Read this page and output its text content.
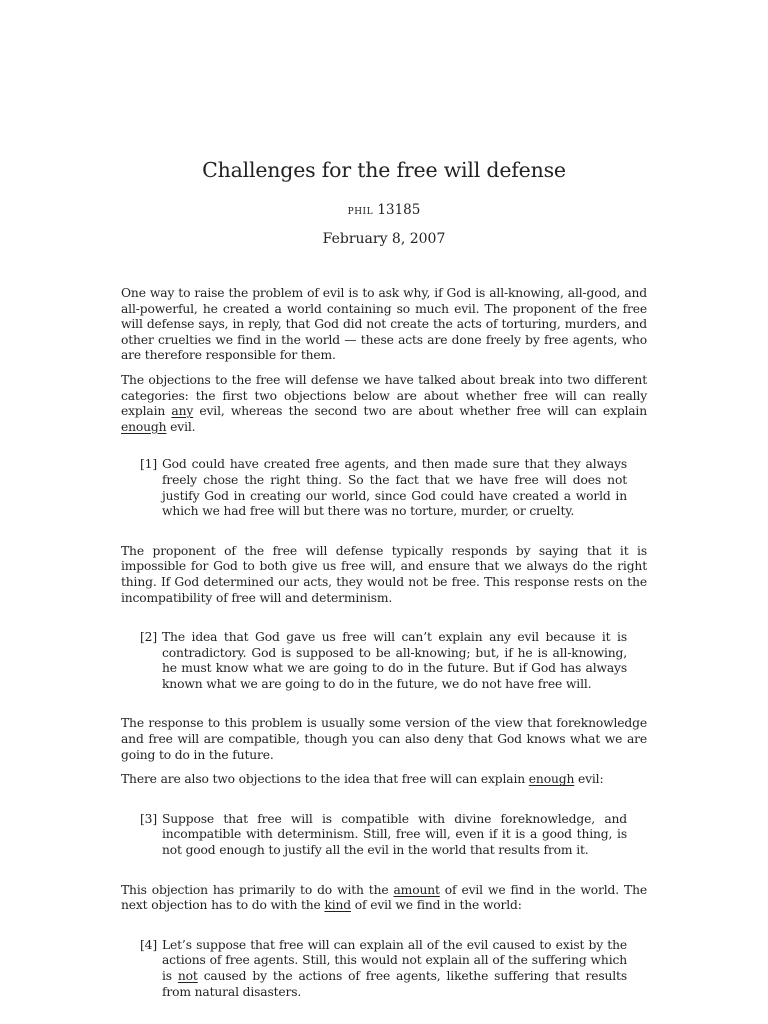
Challenges for the free will defense
phil 13185
February 8, 2007

One way to raise the problem of evil is to ask why, if God is all-knowing, all-good, and all-powerful, he created a world containing so much evil. The proponent of the free will defense says, in reply, that God did not create the acts of torturing, murders, and other cruelties we find in the world — these acts are done freely by free agents, who are therefore responsible for them.

The objections to the free will defense we have talked about break into two different categories: the first two objections below are about whether free will can really explain any evil, whereas the second two are about whether free will can explain enough evil.

[1] God could have created free agents, and then made sure that they always freely chose the right thing. So the fact that we have free will does not justify God in creating our world, since God could have created a world in which we had free will but there was no torture, murder, or cruelty.

The proponent of the free will defense typically responds by saying that it is impossible for God to both give us free will, and ensure that we always do the right thing. If God determined our acts, they would not be free. This response rests on the incompatibility of free will and determinism.

[2] The idea that God gave us free will can’t explain any evil because it is contradictory. God is supposed to be all-knowing; but, if he is all-knowing, he must know what we are going to do in the future. But if God has always known what we are going to do in the future, we do not have free will.

The response to this problem is usually some version of the view that foreknowledge and free will are compatible, though you can also deny that God knows what we are going to do in the future.

There are also two objections to the idea that free will can explain enough evil:

[3] Suppose that free will is compatible with divine foreknowledge, and incompatible with determinism. Still, free will, even if it is a good thing, is not good enough to justify all the evil in the world that results from it.

This objection has primarily to do with the amount of evil we find in the world. The next objection has to do with the kind of evil we find in the world:

[4] Let’s suppose that free will can explain all of the evil caused to exist by the actions of free agents. Still, this would not explain all of the suffering which is not caused by the actions of free agents, likethe suffering that results from natural disasters.
